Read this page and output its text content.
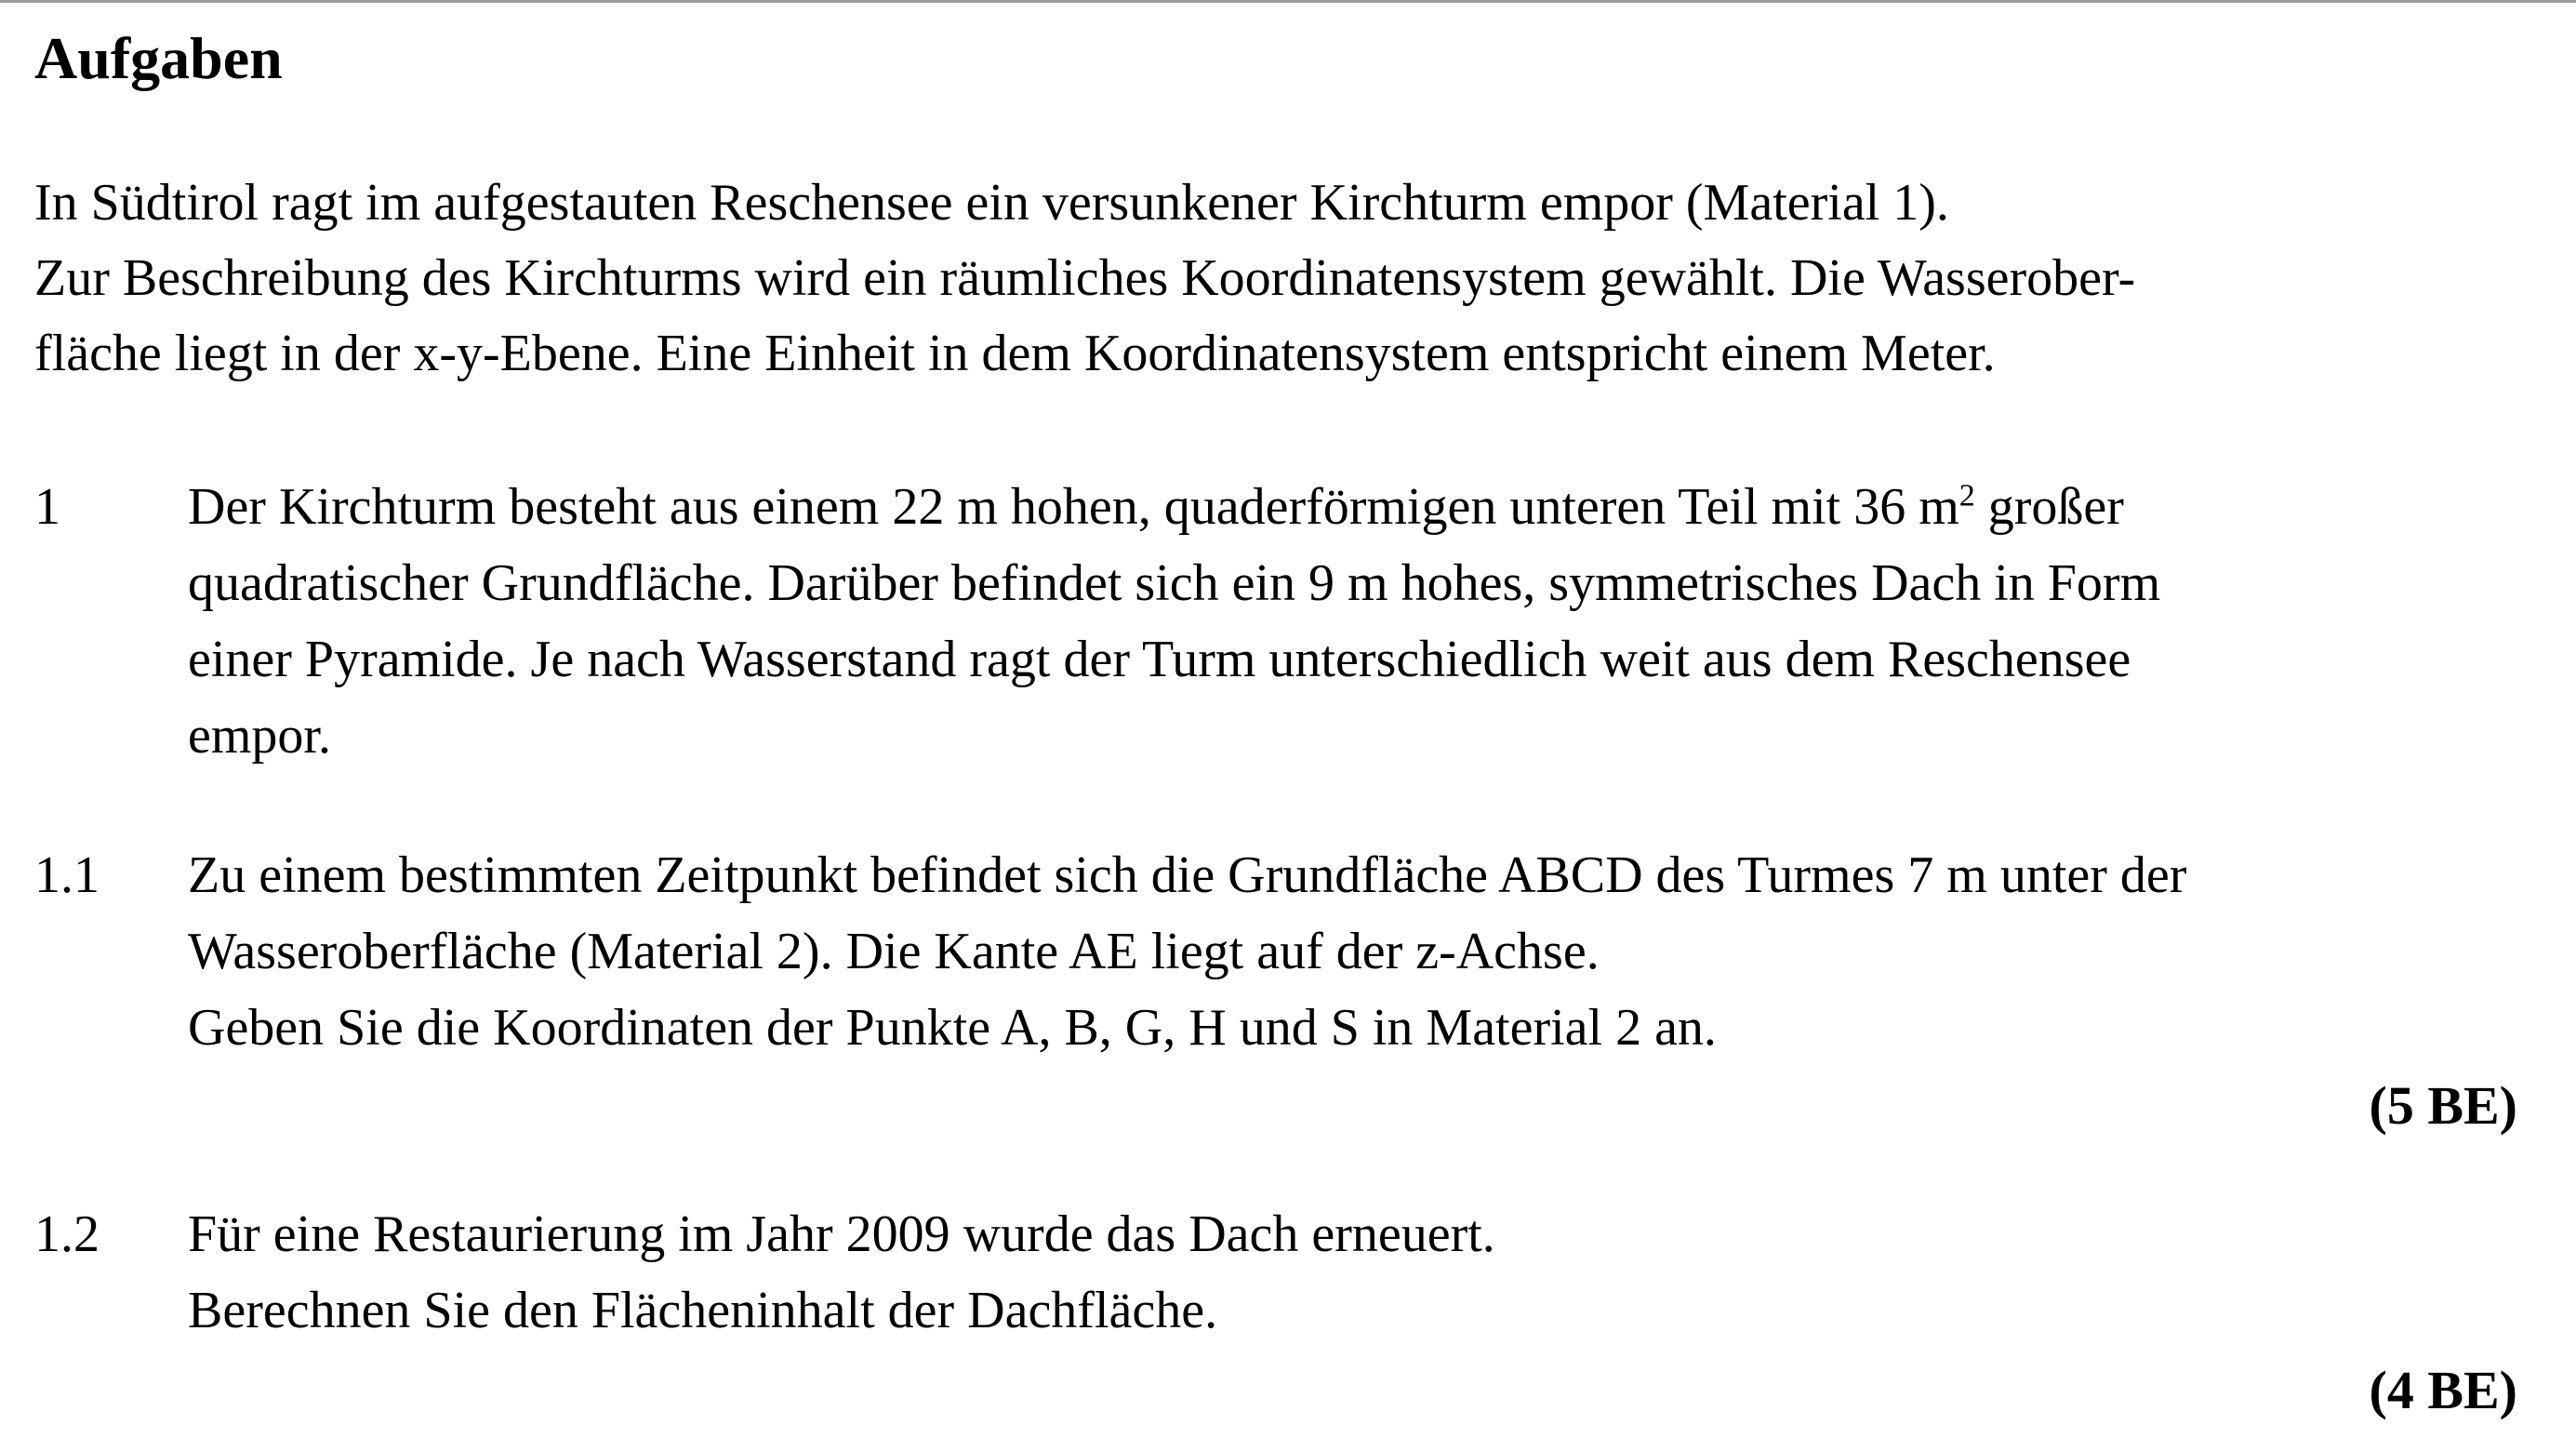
Aufgaben
In Südtirol ragt im aufgestauten Reschensee ein versunkener Kirchturm empor (Material 1).
Zur Beschreibung des Kirchturms wird ein räumliches Koordinatensystem gewählt. Die Wasserober-
fläche liegt in der x-y-Ebene. Eine Einheit in dem Koordinatensystem entspricht einem Meter.
1 Der Kirchturm besteht aus einem 22 m hohen, quaderförmigen unteren Teil mit 36 $m^2$ großer
quadratischer Grundfläche. Darüber befindet sich ein 9 m hohes, symmetrisches Dach in Form
einer Pyramide. Je nach Wasserstand ragt der Turm unterschiedlich weit aus dem Reschensee
empor.
1.1 Zu einem bestimmten Zeitpunkt befindet sich die Grundfläche ABCD des Turmes 7 m unter der
Wasseroberfläche (Material 2). Die Kante AE liegt auf der z-Achse.
Geben Sie die Koordinaten der Punkte A, B, G, H und S in Material 2 an.
(5 BE)
1.2 Für eine Restaurierung im Jahr 2009 wurde das Dach erneuert.
Berechnen Sie den Flächeninhalt der Dachfläche.
(4 BE)
